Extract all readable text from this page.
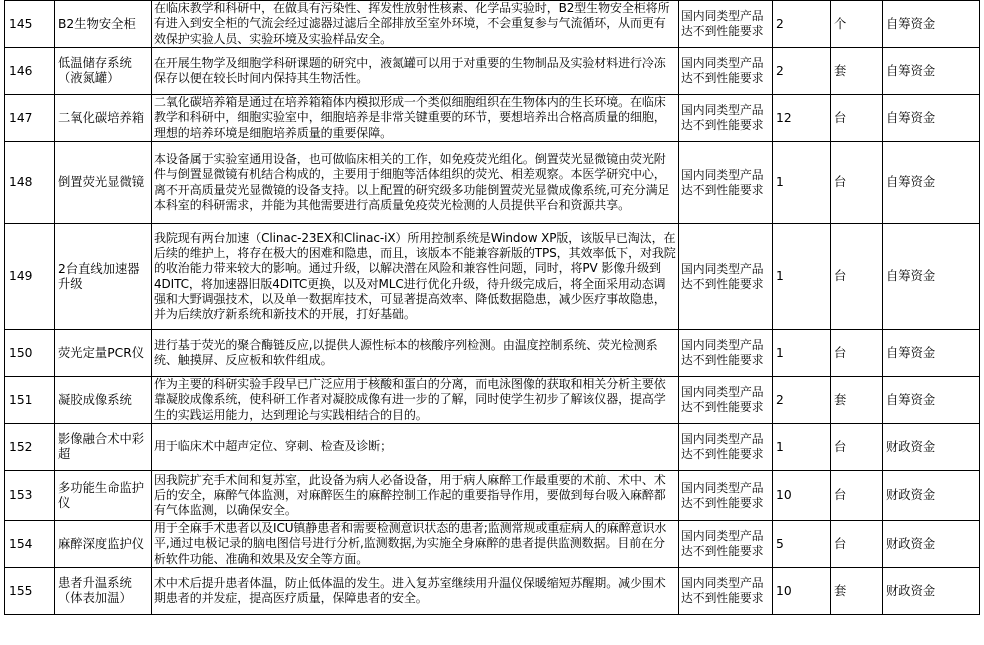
145	B2生物安全柜	在临床教学和科研中，在做具有污染性、挥发性放射性核素、化学品实验时，B2型生物安全柜将所有进入到安全柜的气流会经过滤器过滤后全部排放至室外环境，不会重复参与气流循环，从而更有效保护实验人员、实验环境及实验样品安全。	国内同类型产品达不到性能要求	2	个	自筹资金
146	低温储存系统（液氮罐）	在开展生物学及细胞学科研课题的研究中，液氮罐可以用于对重要的生物制品及实验材料进行冷冻保存以便在较长时间内保持其生物活性。	国内同类型产品达不到性能要求	2	套	自筹资金
147	二氧化碳培养箱	二氧化碳培养箱是通过在培养箱箱体内模拟形成一个类似细胞组织在生物体内的生长环境。在临床教学和科研中，细胞实验室中，细胞培养是非常关键重要的环节，要想培养出合格高质量的细胞，理想的培养环境是细胞培养质量的重要保障。	国内同类型产品达不到性能要求	12	台	自筹资金
148	倒置荧光显微镜	本设备属于实验室通用设备，也可做临床相关的工作，如免疫荧光组化。倒置荧光显微镜由荧光附件与倒置显微镜有机结合构成的，主要用于细胞等活体组织的荧光、相差观察。本医学研究中心，离不开高质量荧光显微镜的设备支持。以上配置的研究级多功能倒置荧光显微成像系统,可充分满足本科室的科研需求，并能为其他需要进行高质量免疫荧光检测的人员提供平台和资源共享。	国内同类型产品达不到性能要求	1	台	自筹资金
149	2台直线加速器升级	我院现有两台加速（Clinac-23EX和Clinac-iX）所用控制系统是Window XP版，该版早已淘汰，在后续的维护上，将存在极大的困难和隐患，而且，该版本不能兼容新版的TPS，其效率低下，对我院的收治能力带来较大的影响。通过升级，以解决潜在风险和兼容性问题，同时，将PV 影像升级到4DITC，将加速器旧版4DITC更换，以及对MLC进行优化升级，待升级完成后，将全面采用动态调强和大野调强技术，以及单一数据库技术，可显著提高效率、降低数据隐患，减少医疗事故隐患，并为后续放疗新系统和新技术的开展，打好基础。	国内同类型产品达不到性能要求	1	台	自筹资金
150	荧光定量PCR仪	进行基于荧光的聚合酶链反应,以提供人源性标本的核酸序列检测。由温度控制系统、荧光检测系统、触摸屏、反应板和软件组成。	国内同类型产品达不到性能要求	1	台	自筹资金
151	凝胶成像系统	作为主要的科研实验手段早已广泛应用于核酸和蛋白的分离，而电泳图像的获取和相关分析主要依靠凝胶成像系统，使科研工作者对凝胶成像有进一步的了解，同时使学生初步了解该仪器，提高学生的实践运用能力，达到理论与实践相结合的目的。	国内同类型产品达不到性能要求	2	套	自筹资金
152	影像融合术中彩超	用于临床术中超声定位、穿刺、检查及诊断；	国内同类型产品达不到性能要求	1	台	财政资金
153	多功能生命监护仪	因我院扩充手术间和复苏室，此设备为病人必备设备，用于病人麻醉工作最重要的术前、术中、术后的安全，麻醉气体监测，对麻醉医生的麻醉控制工作起的重要指导作用，要做到每台吸入麻醉都有气体监测，以确保安全。	国内同类型产品达不到性能要求	10	台	财政资金
154	麻醉深度监护仪	用于全麻手术患者以及ICU镇静患者和需要检测意识状态的患者;监测常规或重症病人的麻醉意识水平,通过电极记录的脑电图信号进行分析,监测数据,为实施全身麻醉的患者提供监测数据。目前在分析软件功能、准确和效果及安全等方面。	国内同类型产品达不到性能要求	5	台	财政资金
155	患者升温系统（体表加温）	术中术后提升患者体温，防止低体温的发生。进入复苏室继续用升温仪保暖缩短苏醒期。减少围术期患者的并发症，提高医疗质量，保障患者的安全。	国内同类型产品达不到性能要求	10	套	财政资金
